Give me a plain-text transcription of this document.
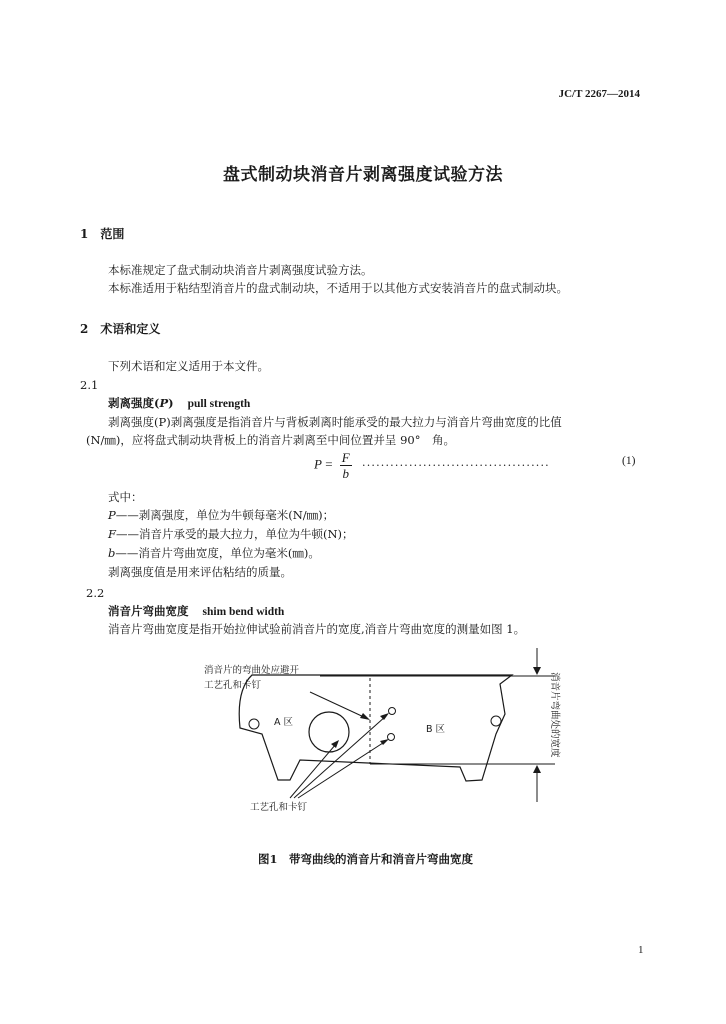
JC/T 2267—2014
盘式制动块消音片剥离强度试验方法
1　范围
本标准规定了盘式制动块消音片剥离强度试验方法。
本标准适用于粘结型消音片的盘式制动块，不适用于以其他方式安装消音片的盘式制动块。
2　术语和定义
下列术语和定义适用于本文件。
2.1
剥离强度(P) pull strength
剥离强度(P)剥离强度是指消音片与背板剥离时能承受的最大拉力与消音片弯曲宽度的比值
(N/㎜)，应将盘式制动块背板上的消音片剥离至中间位置并呈 90°　角。
$P = \frac{F}{b}$ ........................................	(1)
式中：
P——剥离强度，单位为牛顿每毫米(N/㎜)；
F——消音片承受的最大拉力，单位为牛顿(N)；
b——消音片弯曲宽度，单位为毫米(㎜)。
剥离强度值是用来评估粘结的质量。
2.2
消音片弯曲宽度 shim bend width
消音片弯曲宽度是指开始拉伸试验前消音片的宽度,消音片弯曲宽度的测量如图 1。
消音片的弯曲处应避开
工艺孔和卡钉
A 区
B 区
工艺孔和卡钉
消音片弯曲处的宽度
图1　带弯曲线的消音片和消音片弯曲宽度
1
